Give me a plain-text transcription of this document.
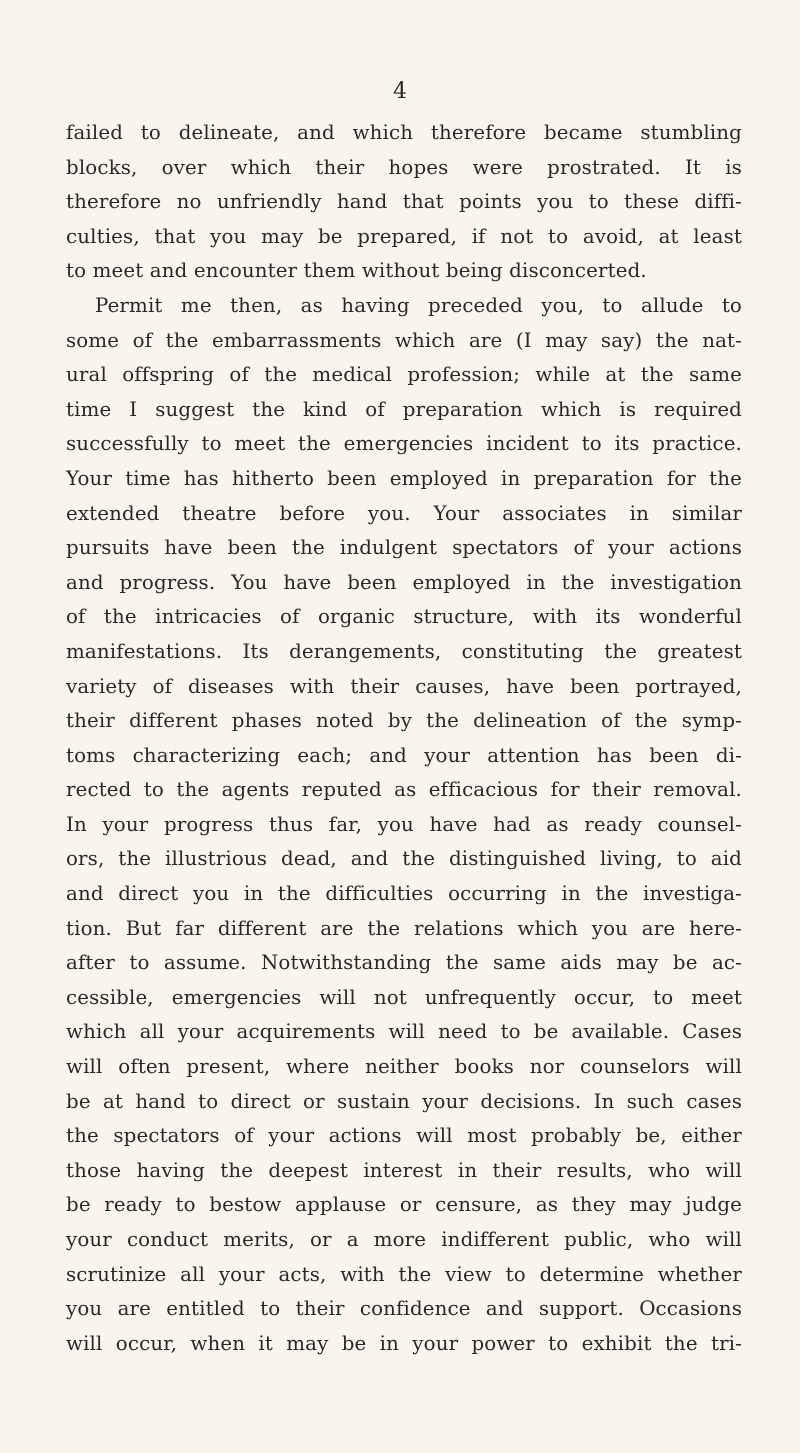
4
failed to delineate, and which therefore became stumbling
blocks, over which their hopes were prostrated. It is
therefore no unfriendly hand that points you to these diffi-
culties, that you may be prepared, if not to avoid, at least
to meet and encounter them without being disconcerted.
Permit me then, as having preceded you, to allude to
some of the embarrassments which are (I may say) the nat-
ural offspring of the medical profession; while at the same
time I suggest the kind of preparation which is required
successfully to meet the emergencies incident to its practice.
Your time has hitherto been employed in preparation for the
extended theatre before you. Your associates in similar
pursuits have been the indulgent spectators of your actions
and progress. You have been employed in the investigation
of the intricacies of organic structure, with its wonderful
manifestations. Its derangements, constituting the greatest
variety of diseases with their causes, have been portrayed,
their different phases noted by the delineation of the symp-
toms characterizing each; and your attention has been di-
rected to the agents reputed as efficacious for their removal.
In your progress thus far, you have had as ready counsel-
ors, the illustrious dead, and the distinguished living, to aid
and direct you in the difficulties occurring in the investiga-
tion. But far different are the relations which you are here-
after to assume. Notwithstanding the same aids may be ac-
cessible, emergencies will not unfrequently occur, to meet
which all your acquirements will need to be available. Cases
will often present, where neither books nor counselors will
be at hand to direct or sustain your decisions. In such cases
the spectators of your actions will most probably be, either
those having the deepest interest in their results, who will
be ready to bestow applause or censure, as they may judge
your conduct merits, or a more indifferent public, who will
scrutinize all your acts, with the view to determine whether
you are entitled to their confidence and support. Occasions
will occur, when it may be in your power to exhibit the tri-
